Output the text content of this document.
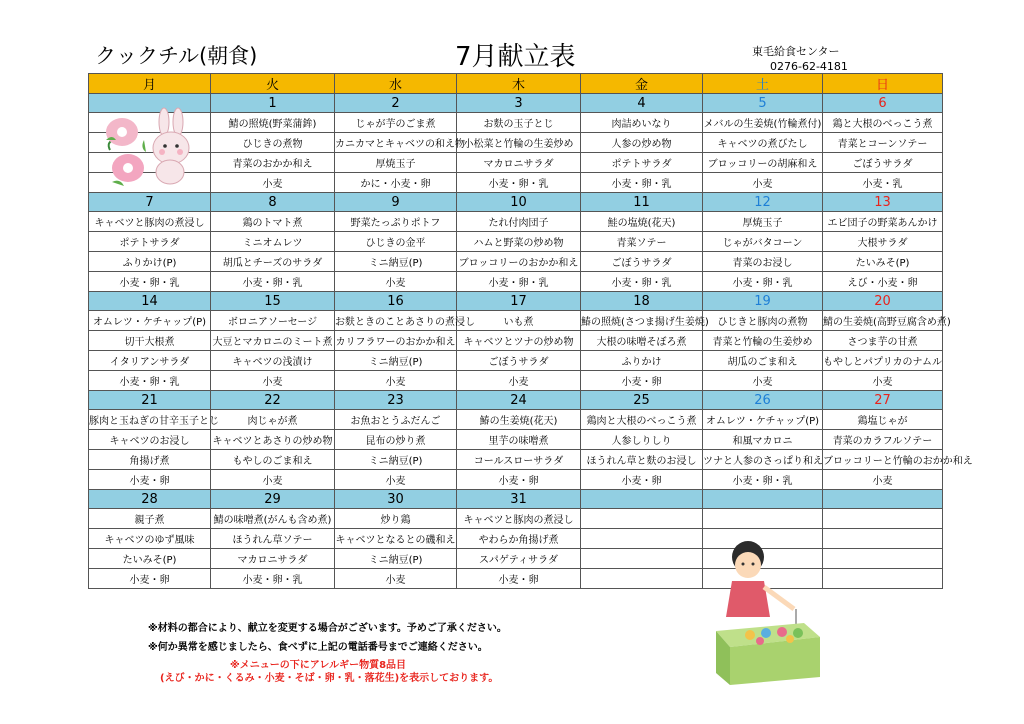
クックチル(朝食)	7月献立表	東毛給食センター
0276-62-4181
月	火	水	木	金	土	日
	1	2	3	4	5	6
	鯖の照焼(野菜蒲鉾)	じゃが芋のごま煮	お麩の玉子とじ	肉詰めいなり	メバルの生姜焼(竹輪煮付)	鶏と大根のべっこう煮
	ひじきの煮物	カニカマとキャベツの和え物	小松菜と竹輪の生姜炒め	人参の炒め物	キャベツの煮びたし	青菜とコーンソテー
	青菜のおかか和え	厚焼玉子	マカロニサラダ	ポテトサラダ	ブロッコリーの胡麻和え	ごぼうサラダ
	小麦	かに・小麦・卵	小麦・卵・乳	小麦・卵・乳	小麦	小麦・乳
7	8	9	10	11	12	13
キャベツと豚肉の煮浸し	鶏のトマト煮	野菜たっぷりポトフ	たれ付肉団子	鮭の塩焼(花天)	厚焼玉子	エビ団子の野菜あんかけ
ポテトサラダ	ミニオムレツ	ひじきの金平	ハムと野菜の炒め物	青菜ソテー	じゃがバタコーン	大根サラダ
ふりかけ(P)	胡瓜とチーズのサラダ	ミニ納豆(P)	ブロッコリーのおかか和え	ごぼうサラダ	青菜のお浸し	たいみそ(P)
小麦・卵・乳	小麦・卵・乳	小麦	小麦・卵・乳	小麦・卵・乳	小麦・卵・乳	えび・小麦・卵
14	15	16	17	18	19	20
オムレツ・ケチャップ(P)	ボロニアソーセージ	お麩ときのことあさりの煮浸し	いも煮	鰆の照焼(さつま揚げ生姜焼)	ひじきと豚肉の煮物	鯖の生姜焼(高野豆腐含め煮)
切干大根煮	大豆とマカロニのミート煮	カリフラワーのおかか和え	キャベツとツナの炒め物	大根の味噌そぼろ煮	青菜と竹輪の生姜炒め	さつま芋の甘煮
イタリアンサラダ	キャベツの浅漬け	ミニ納豆(P)	ごぼうサラダ	ふりかけ	胡瓜のごま和え	もやしとパプリカのナムル
小麦・卵・乳	小麦	小麦	小麦	小麦・卵	小麦	小麦
21	22	23	24	25	26	27
豚肉と玉ねぎの甘辛玉子とじ	肉じゃが煮	お魚おとうふだんご	鰆の生姜焼(花天)	鶏肉と大根のべっこう煮	オムレツ・ケチャップ(P)	鶏塩じゃが
キャベツのお浸し	キャベツとあさりの炒め物	昆布の炒り煮	里芋の味噌煮	人参しりしり	和風マカロニ	青菜のカラフルソテー
角揚げ煮	もやしのごま和え	ミニ納豆(P)	コールスローサラダ	ほうれん草と麩のお浸し	ツナと人参のさっぱり和え	ブロッコリーと竹輪のおかか和え
小麦・卵	小麦	小麦	小麦・卵	小麦・卵	小麦・卵・乳	小麦
28	29	30	31			
親子煮	鯖の味噌煮(がんも含め煮)	炒り鶏	キャベツと豚肉の煮浸し			
キャベツのゆず風味	ほうれん草ソテー	キャベツとなるとの磯和え	やわらか角揚げ煮			
たいみそ(P)	マカロニサラダ	ミニ納豆(P)	スパゲティサラダ			
小麦・卵	小麦・卵・乳	小麦	小麦・卵			
※材料の都合により、献立を変更する場合がございます。予めご了承ください。
※何か異常を感じましたら、食べずに上記の電話番号までご連絡ください。
※メニューの下にアレルギー物質8品目
(えび・かに・くるみ・小麦・そば・卵・乳・落花生)を表示しております。
